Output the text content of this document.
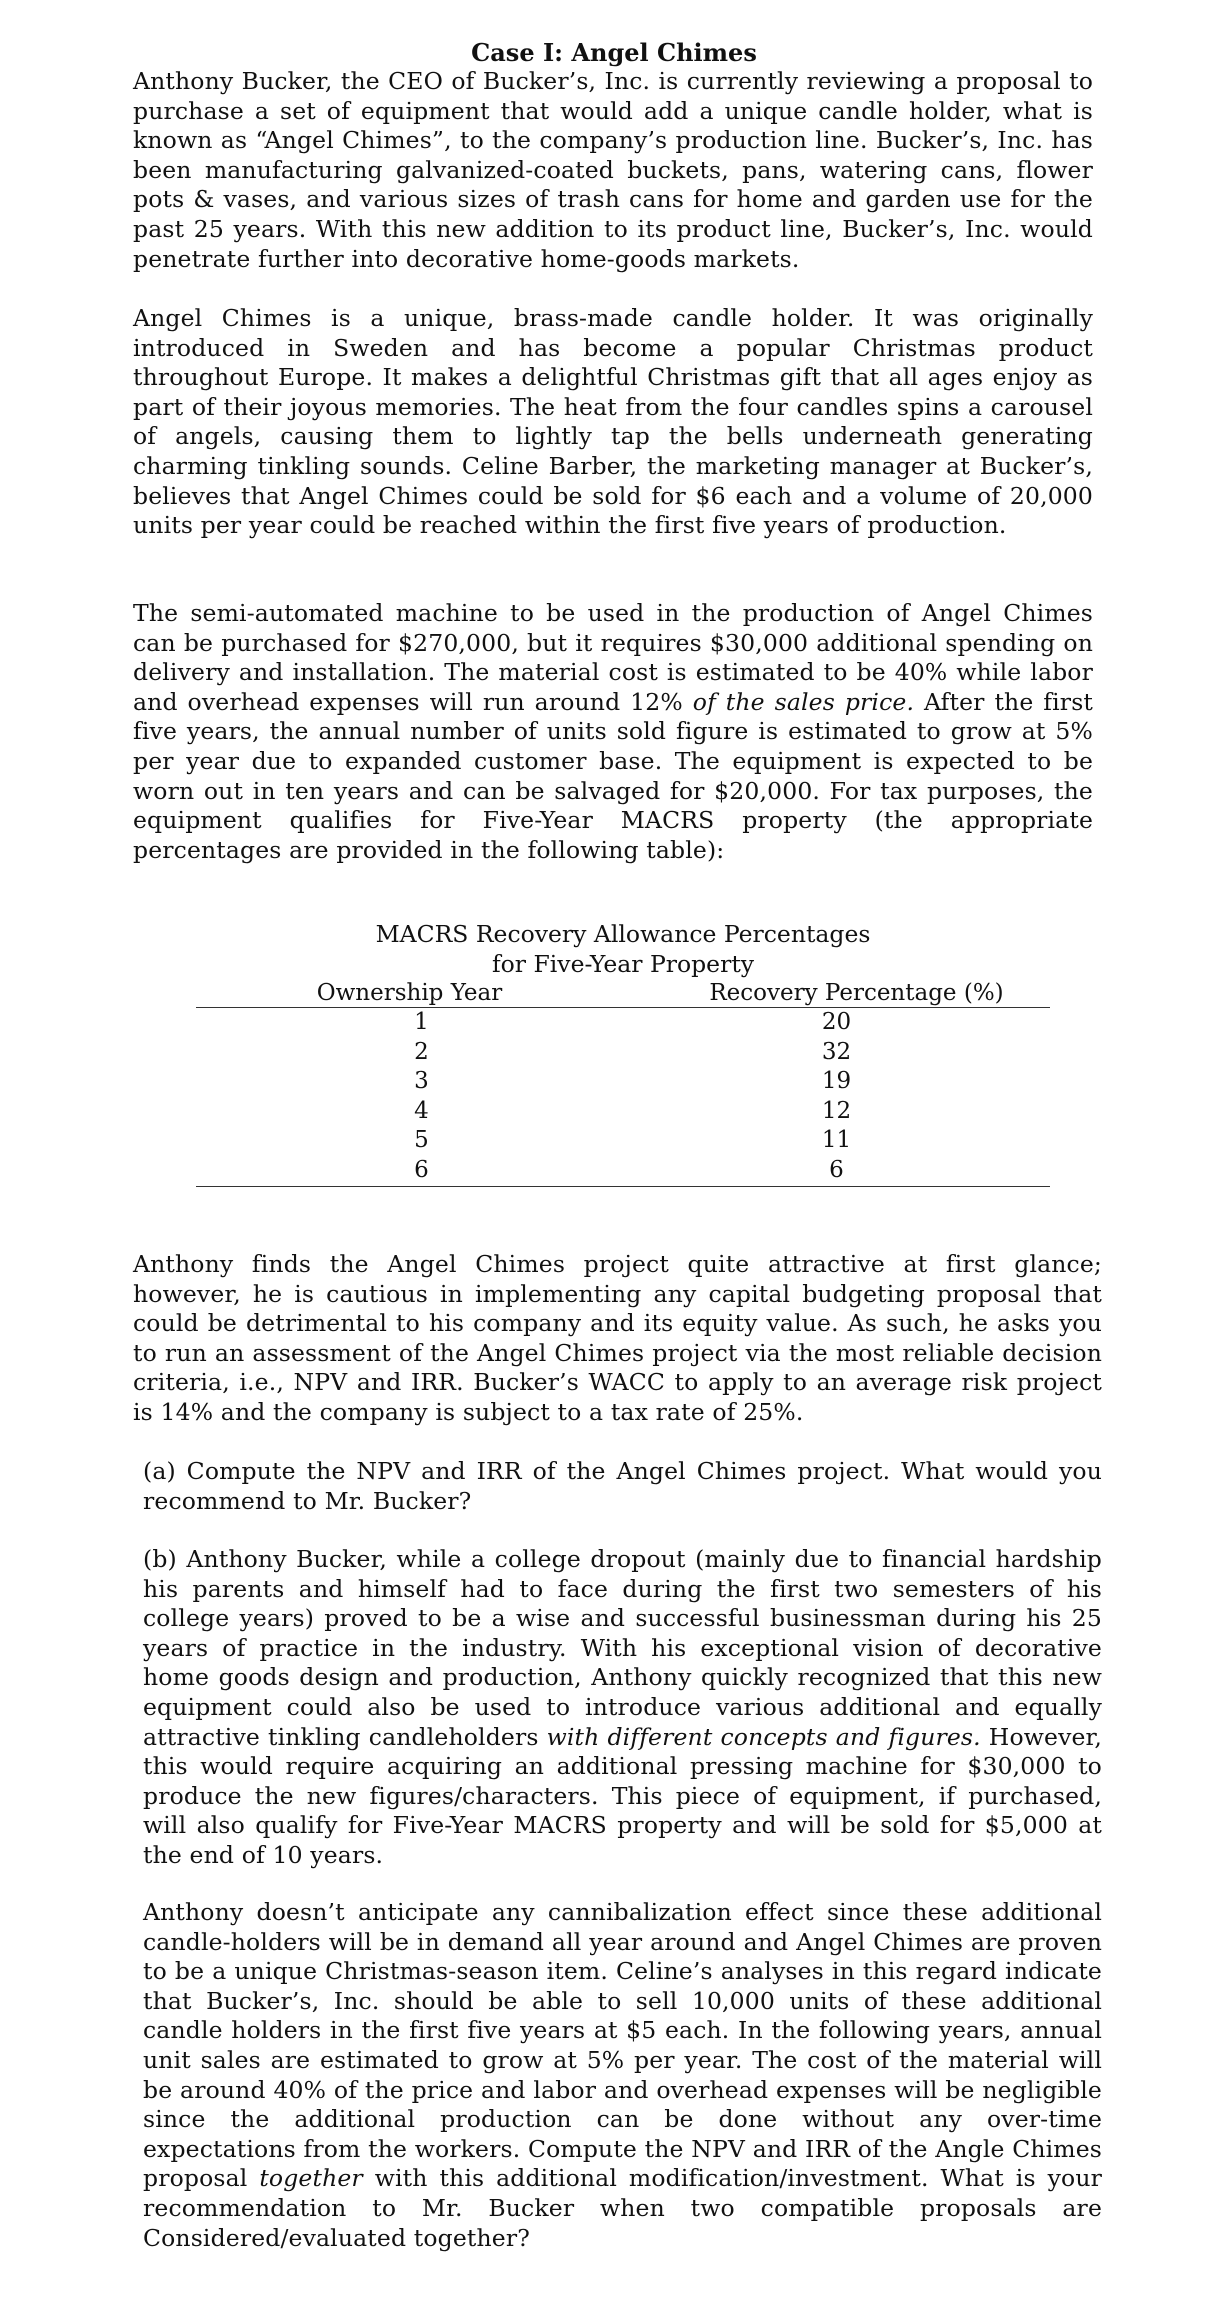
Case I: Angel Chimes

Anthony Bucker, the CEO of Bucker’s, Inc. is currently reviewing a proposal to purchase a set of equipment that would add a unique candle holder, what is known as “Angel Chimes”, to the company’s production line. Bucker’s, Inc. has been manufacturing galvanized-coated buckets, pans, watering cans, flower pots & vases, and various sizes of trash cans for home and garden use for the past 25 years. With this new addition to its product line, Bucker’s, Inc. would penetrate further into decorative home-goods markets.

Angel Chimes is a unique, brass-made candle holder. It was originally introduced in Sweden and has become a popular Christmas product throughout Europe. It makes a delightful Christmas gift that all ages enjoy as part of their joyous memories. The heat from the four candles spins a carousel of angels, causing them to lightly tap the bells underneath generating charming tinkling sounds. Celine Barber, the marketing manager at Bucker’s, believes that Angel Chimes could be sold for $6 each and a volume of 20,000 units per year could be reached within the first five years of production.

The semi-automated machine to be used in the production of Angel Chimes can be purchased for $270,000, but it requires $30,000 additional spending on delivery and installation. The material cost is estimated to be 40% while labor and overhead expenses will run around 12% of the sales price. After the first five years, the annual number of units sold figure is estimated to grow at 5% per year due to expanded customer base. The equipment is expected to be worn out in ten years and can be salvaged for $20,000. For tax purposes, the equipment qualifies for Five-Year MACRS property (the appropriate percentages are provided in the following table):

MACRS Recovery Allowance Percentages
for Five-Year Property
Ownership Year	Recovery Percentage (%)
1	20
2	32
3	19
4	12
5	11
6	6

Anthony finds the Angel Chimes project quite attractive at first glance; however, he is cautious in implementing any capital budgeting proposal that could be detrimental to his company and its equity value. As such, he asks you to run an assessment of the Angel Chimes project via the most reliable decision criteria, i.e., NPV and IRR. Bucker’s WACC to apply to an average risk project is 14% and the company is subject to a tax rate of 25%.

(a) Compute the NPV and IRR of the Angel Chimes project. What would you recommend to Mr. Bucker?

(b) Anthony Bucker, while a college dropout (mainly due to financial hardship his parents and himself had to face during the first two semesters of his college years) proved to be a wise and successful businessman during his 25 years of practice in the industry. With his exceptional vision of decorative home goods design and production, Anthony quickly recognized that this new equipment could also be used to introduce various additional and equally attractive tinkling candleholders with different concepts and figures. However, this would require acquiring an additional pressing machine for $30,000 to produce the new figures/characters. This piece of equipment, if purchased, will also qualify for Five-Year MACRS property and will be sold for $5,000 at the end of 10 years.

Anthony doesn’t anticipate any cannibalization effect since these additional candle-holders will be in demand all year around and Angel Chimes are proven to be a unique Christmas-season item. Celine’s analyses in this regard indicate that Bucker’s, Inc. should be able to sell 10,000 units of these additional candle holders in the first five years at $5 each. In the following years, annual unit sales are estimated to grow at 5% per year. The cost of the material will be around 40% of the price and labor and overhead expenses will be negligible since the additional production can be done without any over-time expectations from the workers. Compute the NPV and IRR of the Angle Chimes proposal together with this additional modification/investment. What is your recommendation to Mr. Bucker when two compatible proposals are Considered/evaluated together?
